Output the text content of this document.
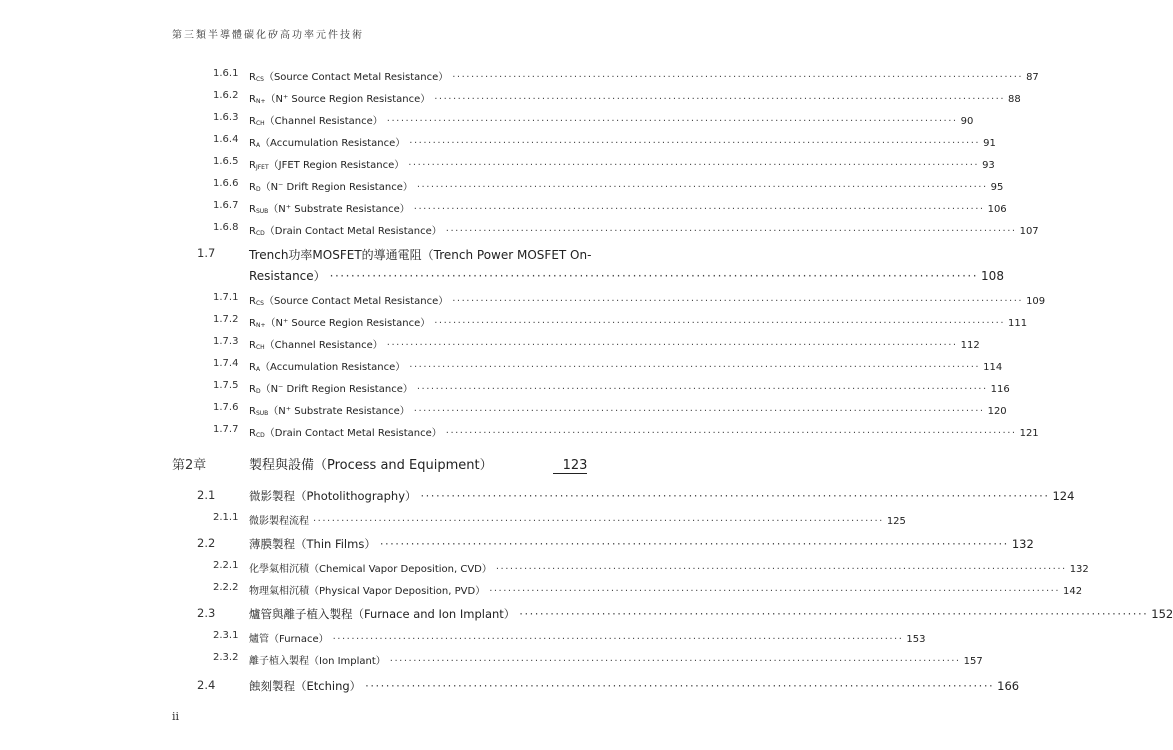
第三類半導體碳化矽高功率元件技術
1.6.1 $R_{CS}(Source$ Contact Metal Resistance） ·························································································································· 87
1.6.2 $R_{N+}(N^+$ Source Region Resistance） ·························································································································· 88
1.6.3 $R_{CH}(Channel$ Resistance） ·························································································································· 90
1.6.4 $R_A(Accumulation$ Resistance） ·························································································································· 91
1.6.5 $R_{JFET}(JFET$ Region Resistance） ·························································································································· 93
1.6.6 $R_D(N^-$ Drift Region Resistance） ·························································································································· 95
1.6.7 $R_{SUB}(N^+$ Substrate Resistance） ·························································································································· 106
1.6.8 $R_{CD}(Drain$ Contact Metal Resistance） ·························································································································· 107
1.7	Trench功率MOSFET的導通電阻（Trench Power MOSFET On-
Resistance） ·························································································································· 108
1.7.1 $R_{CS}(Source$ Contact Metal Resistance） ·························································································································· 109
1.7.2 $R_{N+}(N^+$ Source Region Resistance） ·························································································································· 111
1.7.3 $R_{CH}(Channel$ Resistance） ·························································································································· 112
1.7.4 $R_A(Accumulation$ Resistance） ·························································································································· 114
1.7.5 $R_D(N^-$ Drift Region Resistance） ·························································································································· 116
1.7.6 $R_{SUB}(N^+$ Substrate Resistance） ·························································································································· 120
1.7.7 $R_{CD}(Drain$ Contact Metal Resistance） ·························································································································· 121
第2章	製程與設備（Process and Equipment）	123
2.1	微影製程（Photolithography） ·························································································································· 124
2.1.1 微影製程流程 ·························································································································· 125
2.2	薄膜製程（Thin Films） ·························································································································· 132
2.2.1 化學氣相沉積（Chemical Vapor Deposition, CVD） ·························································································································· 132
2.2.2 物理氣相沉積（Physical Vapor Deposition, PVD） ·························································································································· 142
2.3	爐管與離子植入製程（Furnace and Ion Implant） ·························································································································· 152
2.3.1 爐管（Furnace） ·························································································································· 153
2.3.2 離子植入製程（Ion Implant） ·························································································································· 157
2.4	蝕刻製程（Etching） ·························································································································· 166
ii
